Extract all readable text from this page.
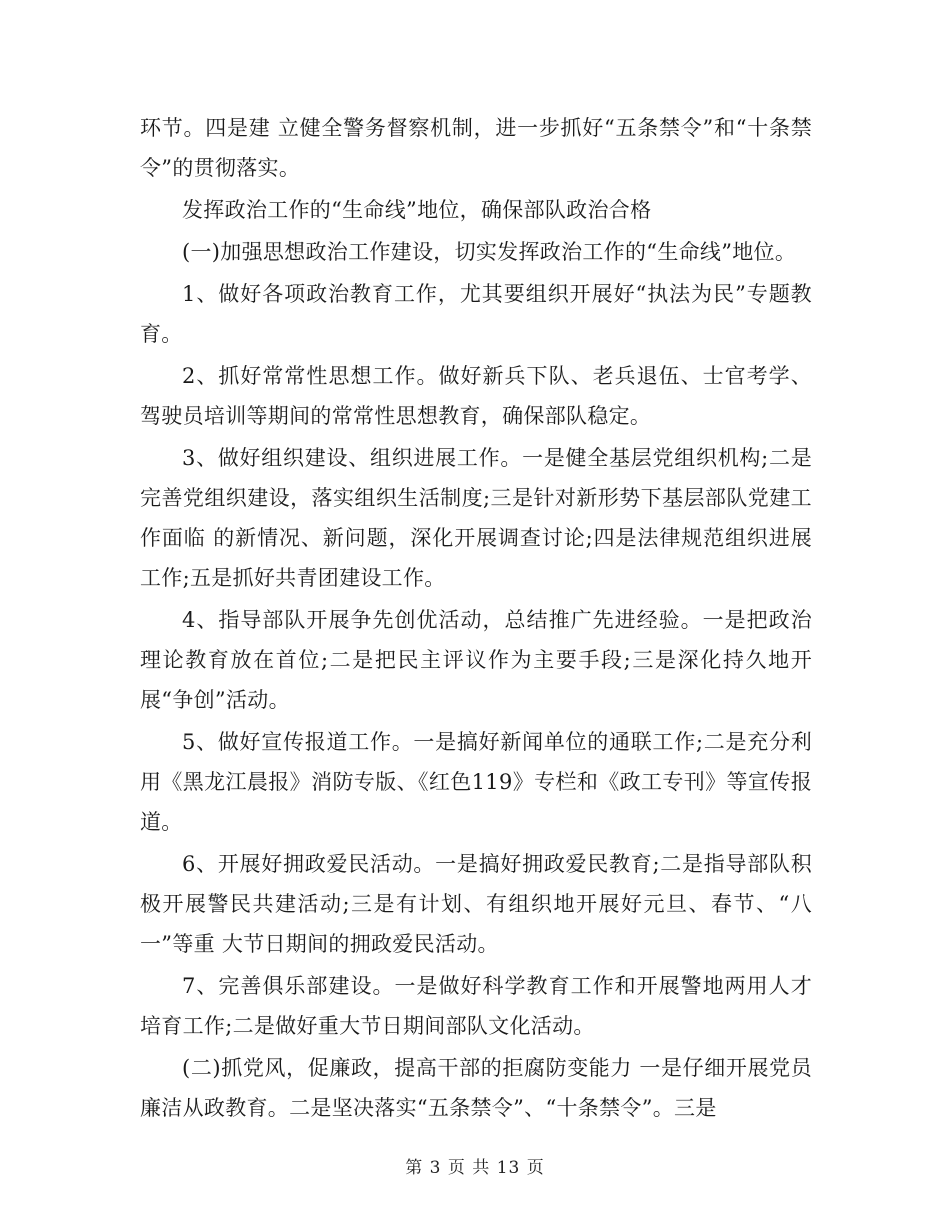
环节。四是建 立健全警务督察机制，进一步抓好“五条禁令”和“十条禁令”的贯彻落实。

发挥政治工作的“生命线”地位，确保部队政治合格

(一)加强思想政治工作建设，切实发挥政治工作的“生命线”地位。

1、做好各项政治教育工作，尤其要组织开展好“执法为民”专题教育。

2、抓好常常性思想工作。做好新兵下队、老兵退伍、士官考学、驾驶员培训等期间的常常性思想教育，确保部队稳定。

3、做好组织建设、组织进展工作。一是健全基层党组织机构;二是完善党组织建设，落实组织生活制度;三是针对新形势下基层部队党建工作面临 的新情况、新问题，深化开展调查讨论;四是法律规范组织进展工作;五是抓好共青团建设工作。

4、指导部队开展争先创优活动，总结推广先进经验。一是把政治理论教育放在首位;二是把民主评议作为主要手段;三是深化持久地开展“争创”活动。

5、做好宣传报道工作。一是搞好新闻单位的通联工作;二是充分利用《黑龙江晨报》消防专版、《红色119》专栏和《政工专刊》等宣传报道。

6、开展好拥政爱民活动。一是搞好拥政爱民教育;二是指导部队积极开展警民共建活动;三是有计划、有组织地开展好元旦、春节、“八一”等重 大节日期间的拥政爱民活动。

7、完善俱乐部建设。一是做好科学教育工作和开展警地两用人才培育工作;二是做好重大节日期间部队文化活动。

(二)抓党风，促廉政，提高干部的拒腐防变能力 一是仔细开展党员廉洁从政教育。二是坚决落实“五条禁令”、“十条禁令”。三是

第 3 页 共 13 页
